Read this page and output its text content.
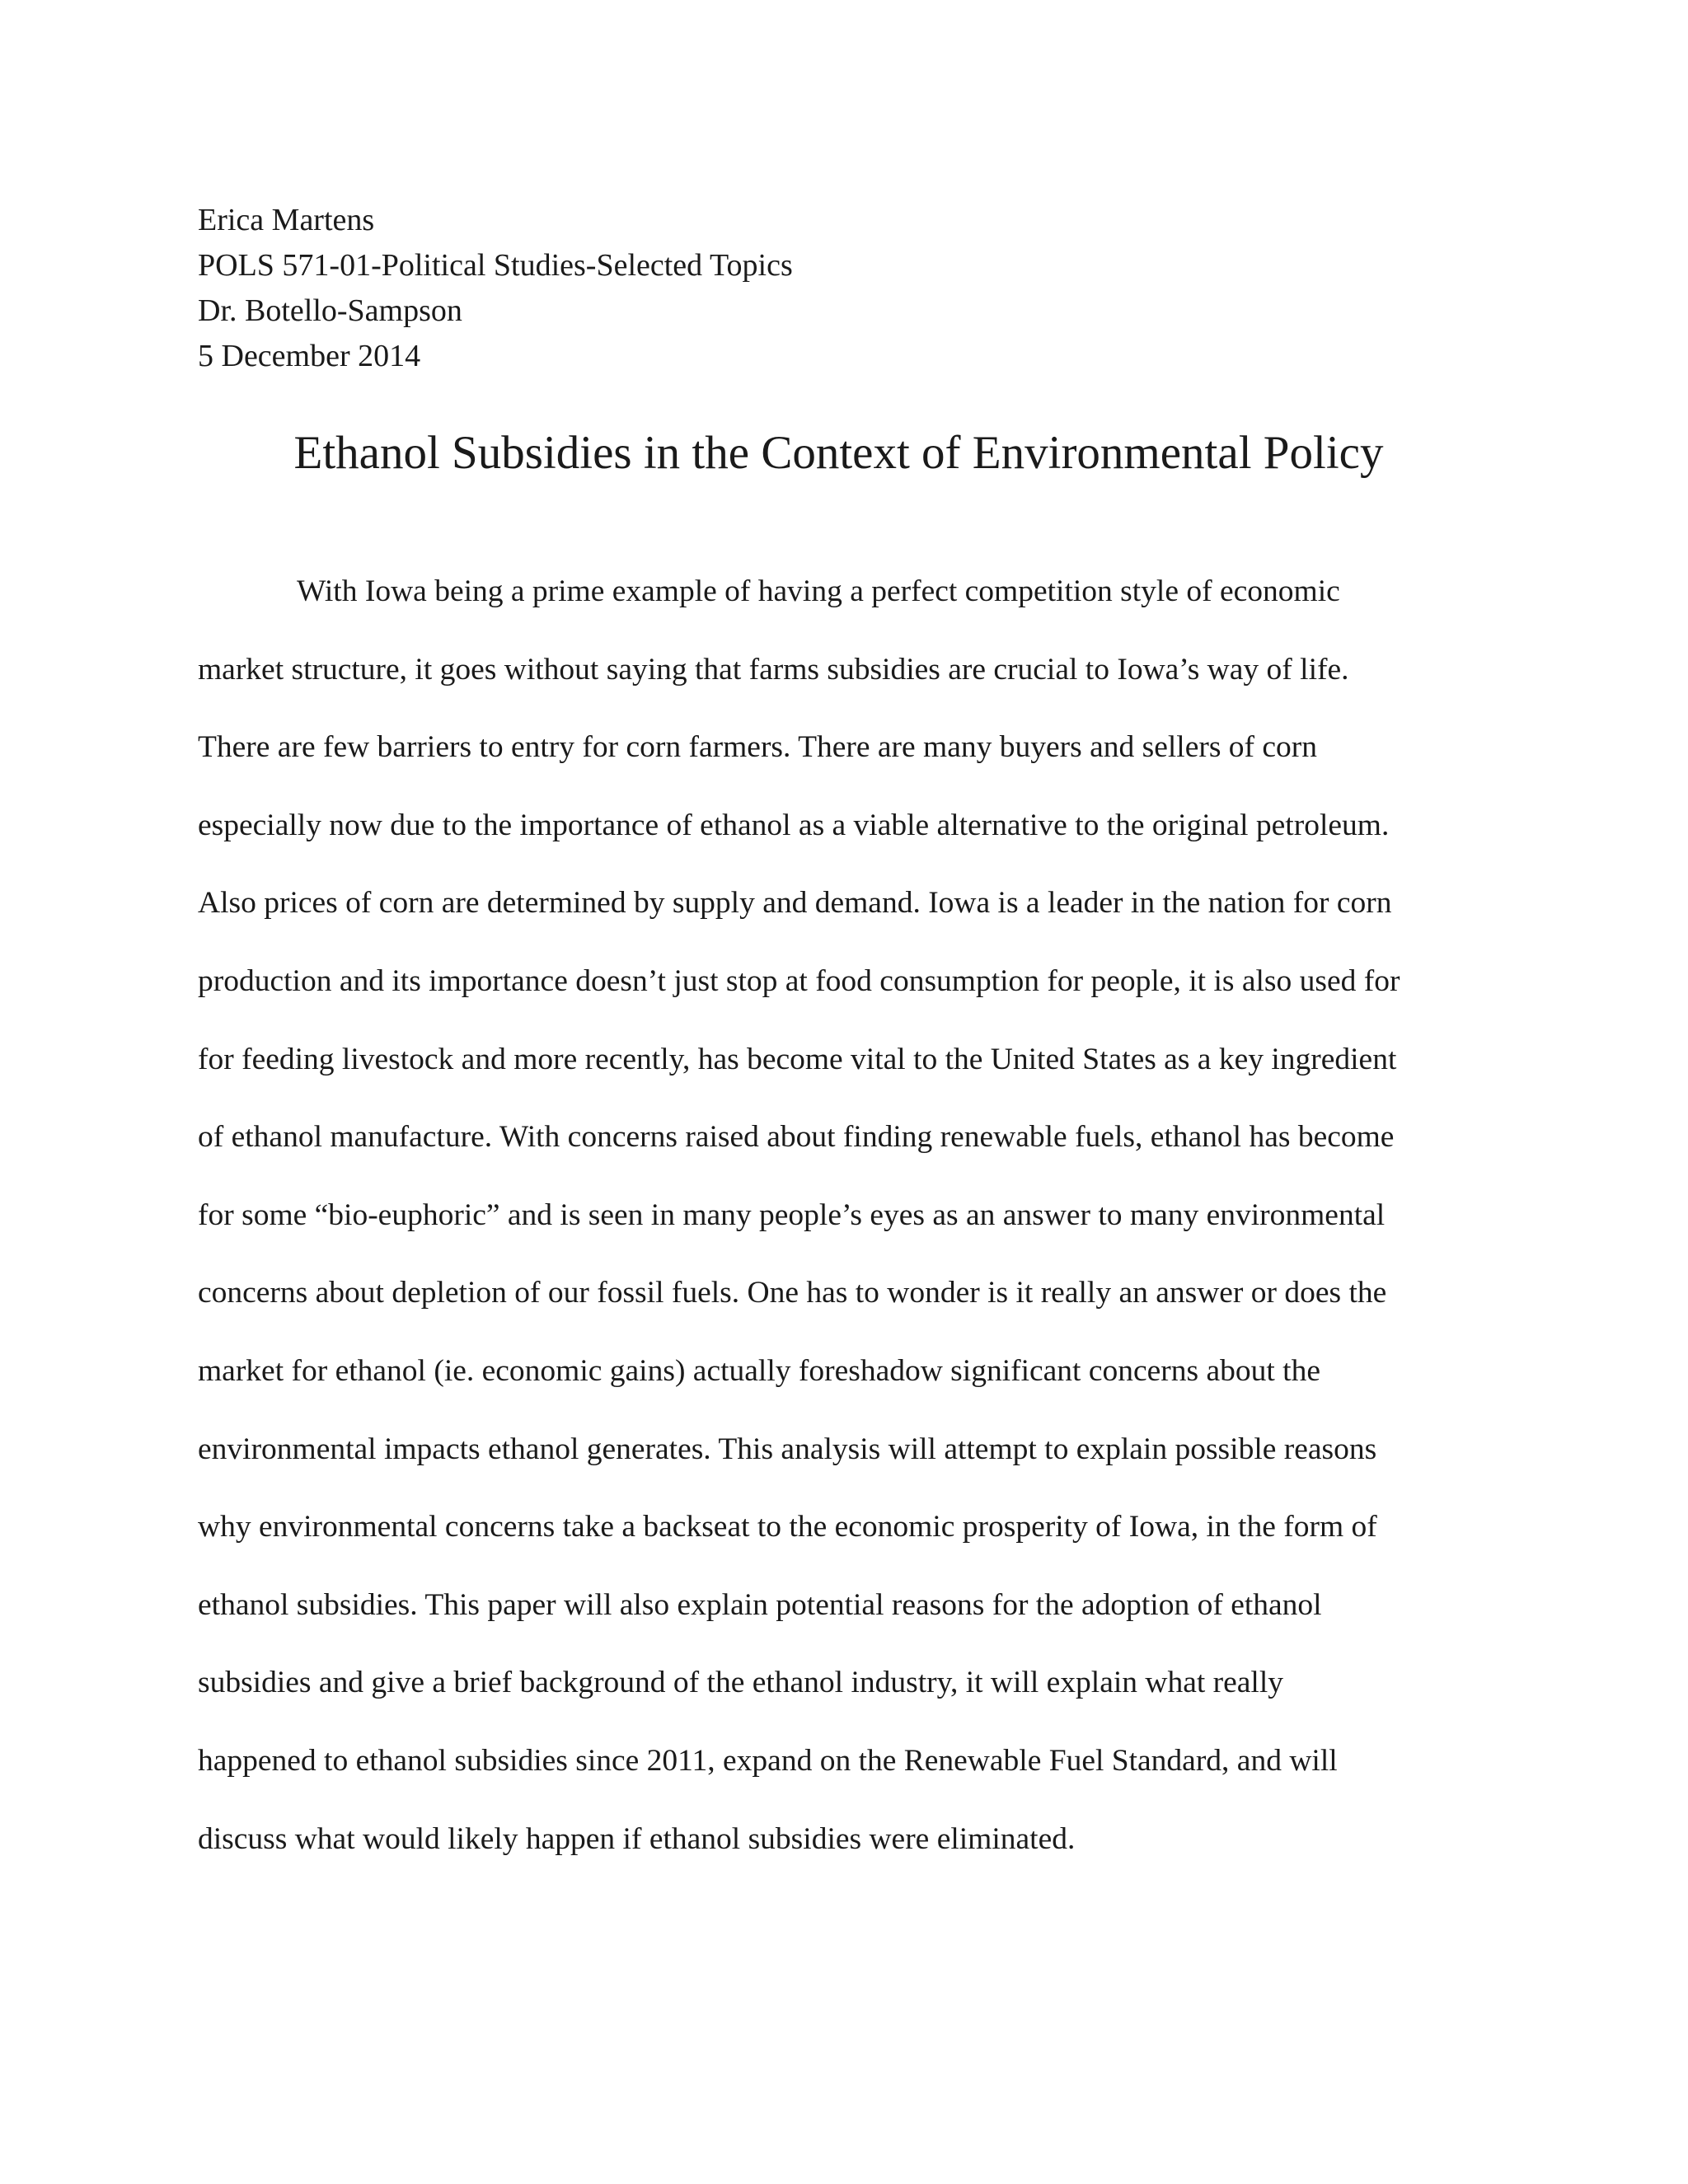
Erica Martens
POLS 571-01-Political Studies-Selected Topics
Dr. Botello-Sampson
5 December 2014
Ethanol Subsidies in the Context of Environmental Policy
With Iowa being a prime example of having a perfect competition style of economic
market structure, it goes without saying that farms subsidies are crucial to Iowa’s way of life.
There are few barriers to entry for corn farmers. There are many buyers and sellers of corn
especially now due to the importance of ethanol as a viable alternative to the original petroleum.
Also prices of corn are determined by supply and demand. Iowa is a leader in the nation for corn
production and its importance doesn’t just stop at food consumption for people, it is also used for
for feeding livestock and more recently, has become vital to the United States as a key ingredient
of ethanol manufacture. With concerns raised about finding renewable fuels, ethanol has become
for some “bio-euphoric” and is seen in many people’s eyes as an answer to many environmental
concerns about depletion of our fossil fuels. One has to wonder is it really an answer or does the
market for ethanol (ie. economic gains) actually foreshadow significant concerns about the
environmental impacts ethanol generates. This analysis will attempt to explain possible reasons
why environmental concerns take a backseat to the economic prosperity of Iowa, in the form of
ethanol subsidies. This paper will also explain potential reasons for the adoption of ethanol
subsidies and give a brief background of the ethanol industry, it will explain what really
happened to ethanol subsidies since 2011, expand on the Renewable Fuel Standard, and will
discuss what would likely happen if ethanol subsidies were eliminated.
